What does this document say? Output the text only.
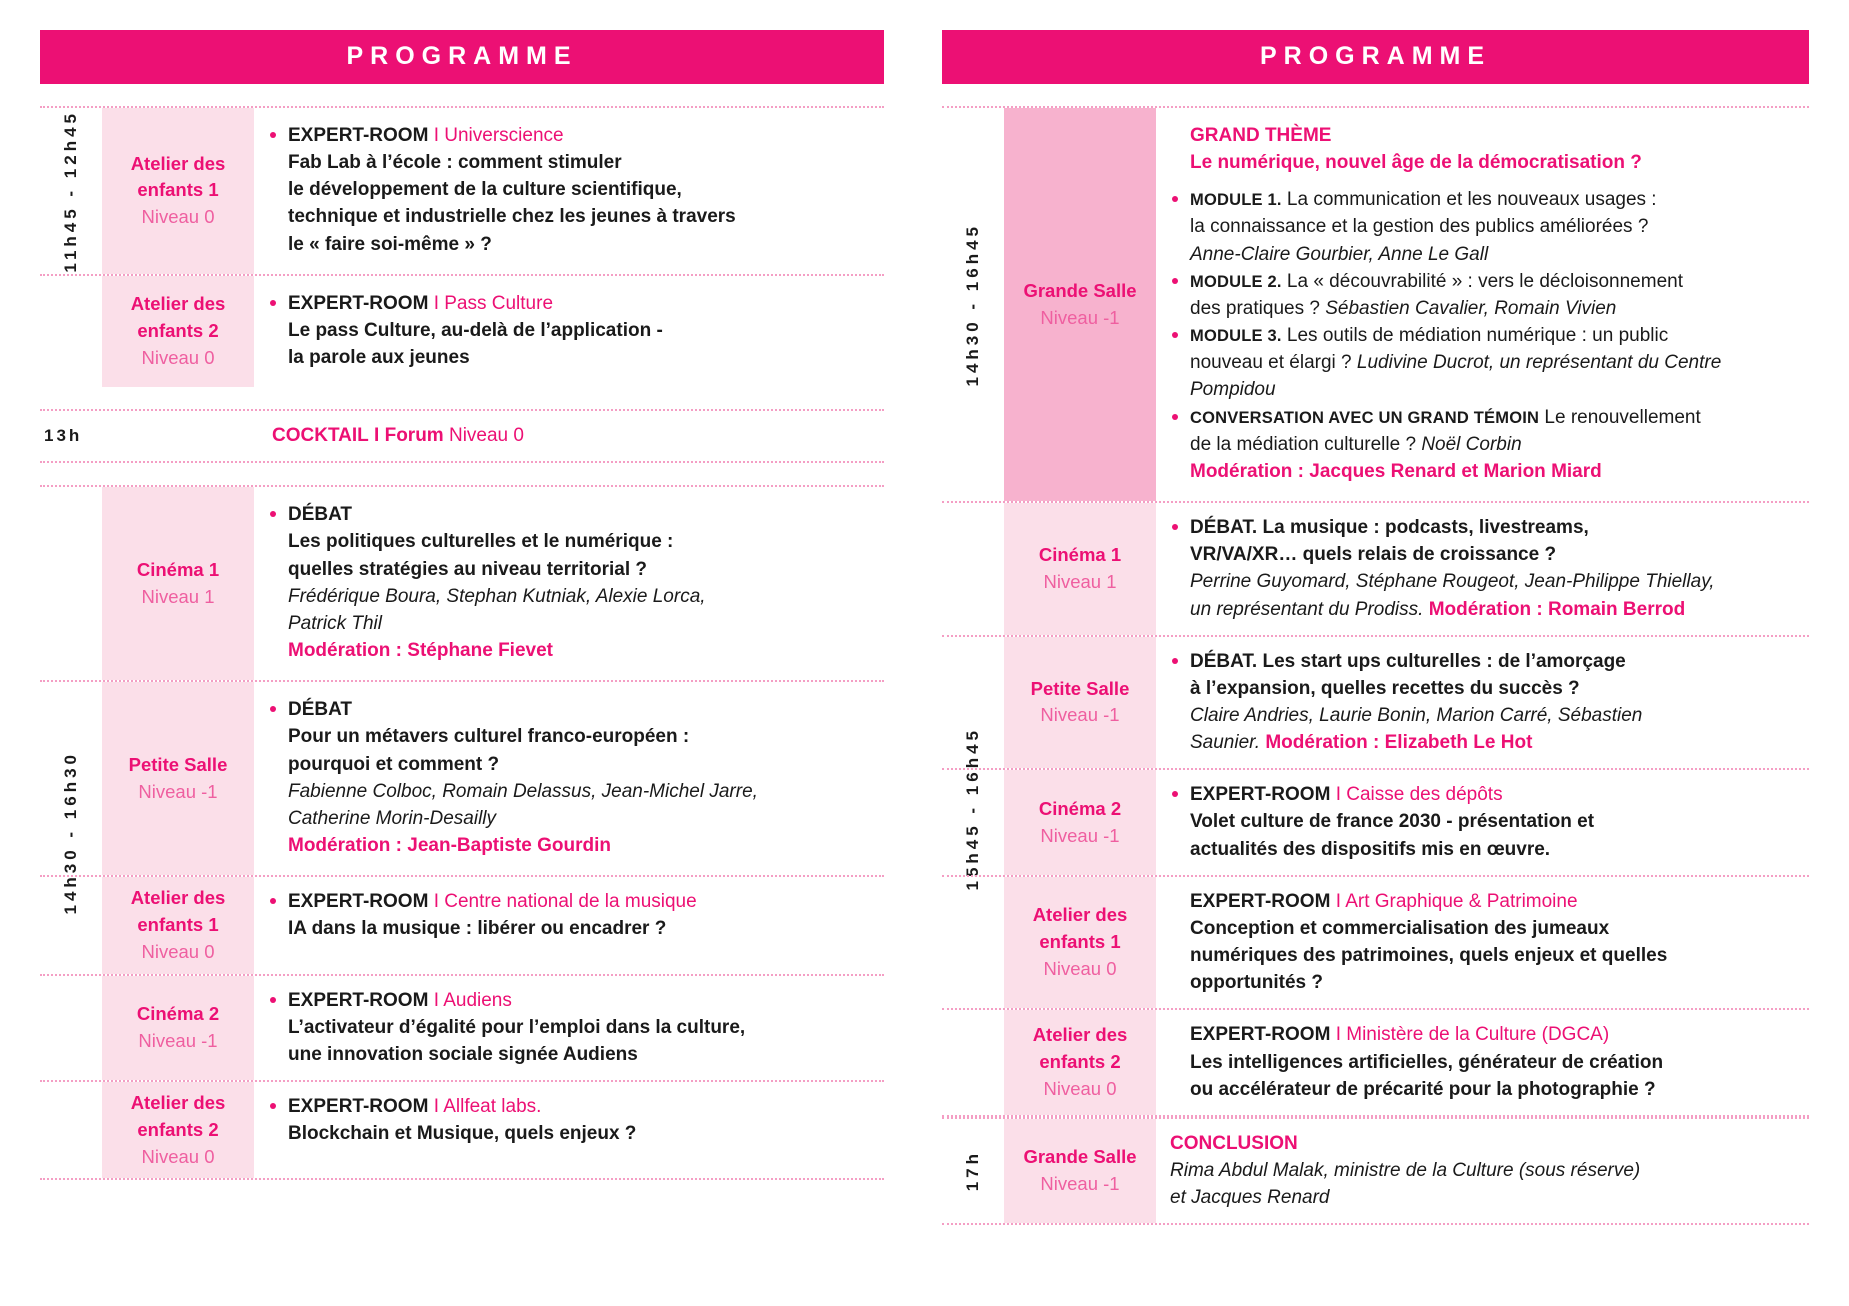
PROGRAMME
11h45 - 12h45	Atelier des
enfants 1
Niveau 0
EXPERT-ROOM I Universcience
Fab Lab à l’école : comment stimuler
le développement de la culture scientifique,
technique et industrielle chez les jeunes à travers
le « faire soi-même » ?
Atelier des
enfants 2
Niveau 0
EXPERT-ROOM I Pass Culture
Le pass Culture, au-delà de l’application -
la parole aux jeunes
13h	COCKTAIL I Forum Niveau 0
14h30 - 16h30
Cinéma 1
Niveau 1
DÉBAT
Les politiques culturelles et le numérique :
quelles stratégies au niveau territorial ?
Frédérique Boura, Stephan Kutniak, Alexie Lorca,
Patrick Thil
Modération : Stéphane Fievet
Petite Salle
Niveau -1
DÉBAT
Pour un métavers culturel franco-européen :
pourquoi et comment ?
Fabienne Colboc, Romain Delassus, Jean-Michel Jarre,
Catherine Morin-Desailly
Modération : Jean-Baptiste Gourdin
Atelier des
enfants 1
Niveau 0
EXPERT-ROOM I Centre national de la musique
IA dans la musique : libérer ou encadrer ?
Cinéma 2
Niveau -1
EXPERT-ROOM I Audiens
L’activateur d’égalité pour l’emploi dans la culture,
une innovation sociale signée Audiens
Atelier des
enfants 2
Niveau 0
EXPERT-ROOM I Allfeat labs.
Blockchain et Musique, quels enjeux ?
PROGRAMME
14h30 - 16h45 Grande Salle
Niveau -1
GRAND THÈME
Le numérique, nouvel âge de la démocratisation ?
MODULE 1. La communication et les nouveaux usages :
la connaissance et la gestion des publics améliorées ?
Anne-Claire Gourbier, Anne Le Gall
MODULE 2. La « découvrabilité » : vers le décloisonnement
des pratiques ? Sébastien Cavalier, Romain Vivien
MODULE 3. Les outils de médiation numérique : un public
nouveau et élargi ? Ludivine Ducrot, un représentant du Centre Pompidou
CONVERSATION AVEC UN GRAND TÉMOIN Le renouvellement
de la médiation culturelle ? Noël Corbin
Modération : Jacques Renard et Marion Miard
15h45 - 16h45
Cinéma 1
Niveau 1
DÉBAT. La musique : podcasts, livestreams,
VR/VA/XR… quels relais de croissance ?
Perrine Guyomard, Stéphane Rougeot, Jean-Philippe Thiellay,
un représentant du Prodiss. Modération : Romain Berrod
Petite Salle
Niveau -1
DÉBAT. Les start ups culturelles : de l’amorçage
à l’expansion, quelles recettes du succès ?
Claire Andries, Laurie Bonin, Marion Carré, Sébastien
Saunier. Modération : Elizabeth Le Hot
Cinéma 2
Niveau -1
EXPERT-ROOM I Caisse des dépôts
Volet culture de france 2030 - présentation et
actualités des dispositifs mis en œuvre.
Atelier des
enfants 1
Niveau 0
EXPERT-ROOM I Art Graphique & Patrimoine
Conception et commercialisation des jumeaux
numériques des patrimoines, quels enjeux et quelles
opportunités ?
Atelier des
enfants 2
Niveau 0
EXPERT-ROOM I Ministère de la Culture (DGCA)
Les intelligences artificielles, générateur de création
ou accélérateur de précarité pour la photographie ?
17h Grande Salle
Niveau -1
CONCLUSION
Rima Abdul Malak, ministre de la Culture (sous réserve)
et Jacques Renard
